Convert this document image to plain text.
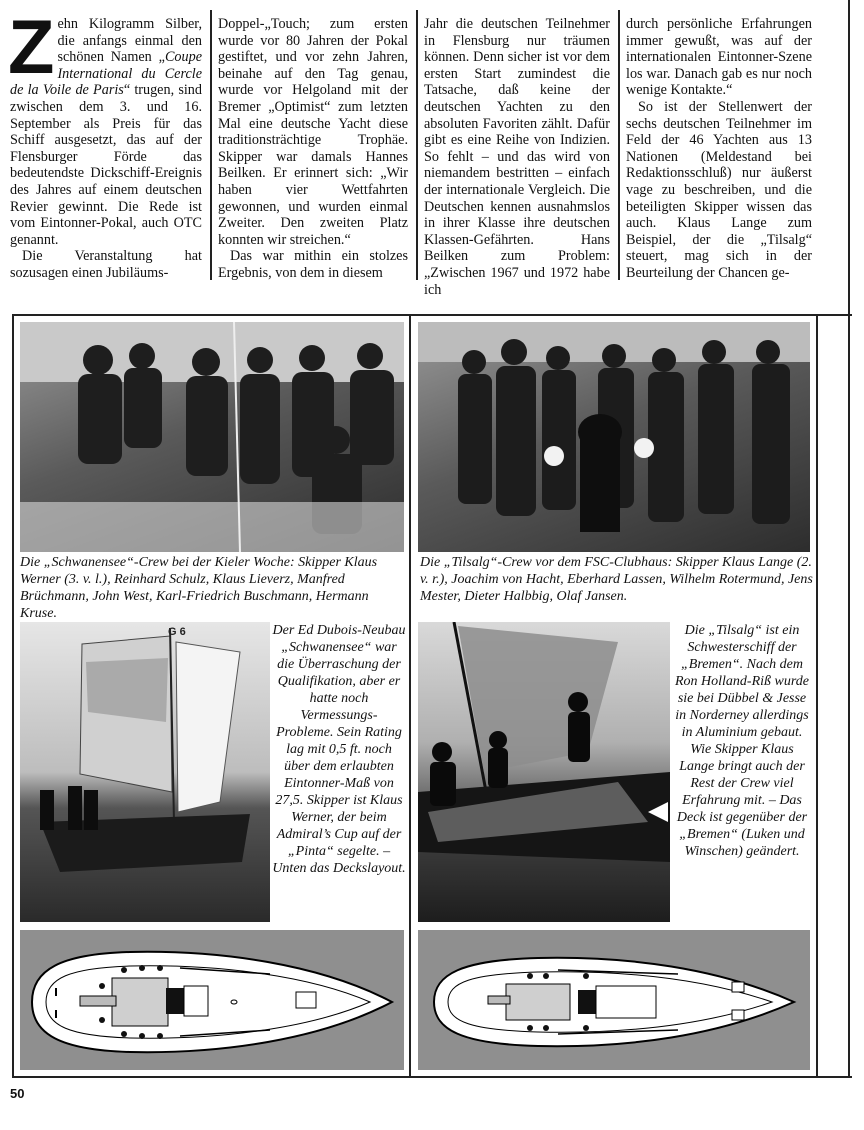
Zehn Kilogramm Silber, die anfangs einmal den schönen Namen „Coupe International du Cercle de la Voile de Paris“ trugen, sind zwischen dem 3. und 16. September als Preis für das Schiff ausgesetzt, das auf der Flensburger Förde das bedeutendste Dickschiff-Ereignis des Jahres auf einem deutschen Revier gewinnt. Die Rede ist vom Eintonner-Pokal, auch OTC genannt.

Die Veranstaltung hat sozusagen einen Jubiläums-

Doppel-„Touch; zum ersten wurde vor 80 Jahren der Pokal gestiftet, und vor zehn Jahren, beinahe auf den Tag genau, wurde vor Helgoland mit der Bremer „Optimist“ zum letzten Mal eine deutsche Yacht diese traditionsträchtige Trophäe. Skipper war damals Hannes Beilken. Er erinnert sich: „Wir haben vier Wettfahrten gewonnen, und wurden einmal Zweiter. Den zweiten Platz konnten wir streichen.“

Das war mithin ein stolzes Ergebnis, von dem in diesem

Jahr die deutschen Teilnehmer in Flensburg nur träumen können. Denn sicher ist vor dem ersten Start zumindest die Tatsache, daß keine der deutschen Yachten zu den absoluten Favoriten zählt. Dafür gibt es eine Reihe von Indizien. So fehlt – und das wird von niemandem bestritten – einfach der internationale Vergleich. Die Deutschen kennen ausnahmslos in ihrer Klasse ihre deutschen Klassen-Gefährten. Hans Beilken zum Problem: „Zwischen 1967 und 1972 habe ich

durch persönliche Erfahrungen immer gewußt, was auf der internationalen Eintonner-Szene los war. Danach gab es nur noch wenige Kontakte.“

So ist der Stellenwert der sechs deutschen Teilnehmer im Feld der 46 Yachten aus 13 Nationen (Meldestand bei Redaktionsschluß) nur äußerst vage zu beschreiben, und die beteiligten Skipper wissen das auch. Klaus Lange zum Beispiel, der die „Tilsalg“ steuert, mag sich in der Beurteilung der Chancen ge-

Die „Schwanensee“-Crew bei der Kieler Woche: Skipper Klaus Werner (3. v. l.), Reinhard Schulz, Klaus Lieverz, Manfred Brüchmann, John West, Karl-Friedrich Buschmann, Hermann Kruse.
Die „Tilsalg“-Crew vor dem FSC-Clubhaus: Skipper Klaus Lange (2. v. r.), Joachim von Hacht, Eberhard Lassen, Wilhelm Rotermund, Jens Mester, Dieter Halbbig, Olaf Jansen.
G 6	Der Ed Dubois-Neubau „Schwanensee“ war die Überraschung der Qualifikation, aber er hatte noch Vermessungs-Probleme. Sein Rating lag mit 0,5 ft. noch über dem erlaubten Eintonner-Maß von 27,5. Skipper ist Klaus Werner, der beim Admiral’s Cup auf der „Pinta“ segelte. – Unten das Deckslayout.
Die „Tilsalg“ ist ein Schwesterschiff der „Bremen“. Nach dem Ron Holland-Riß wurde sie bei Dübbel & Jesse in Norderney allerdings in Aluminium gebaut. Wie Skipper Klaus Lange bringt auch der Rest der Crew viel Erfahrung mit. – Das Deck ist gegenüber der „Bremen“ (Luken und Winschen) geändert.
50
